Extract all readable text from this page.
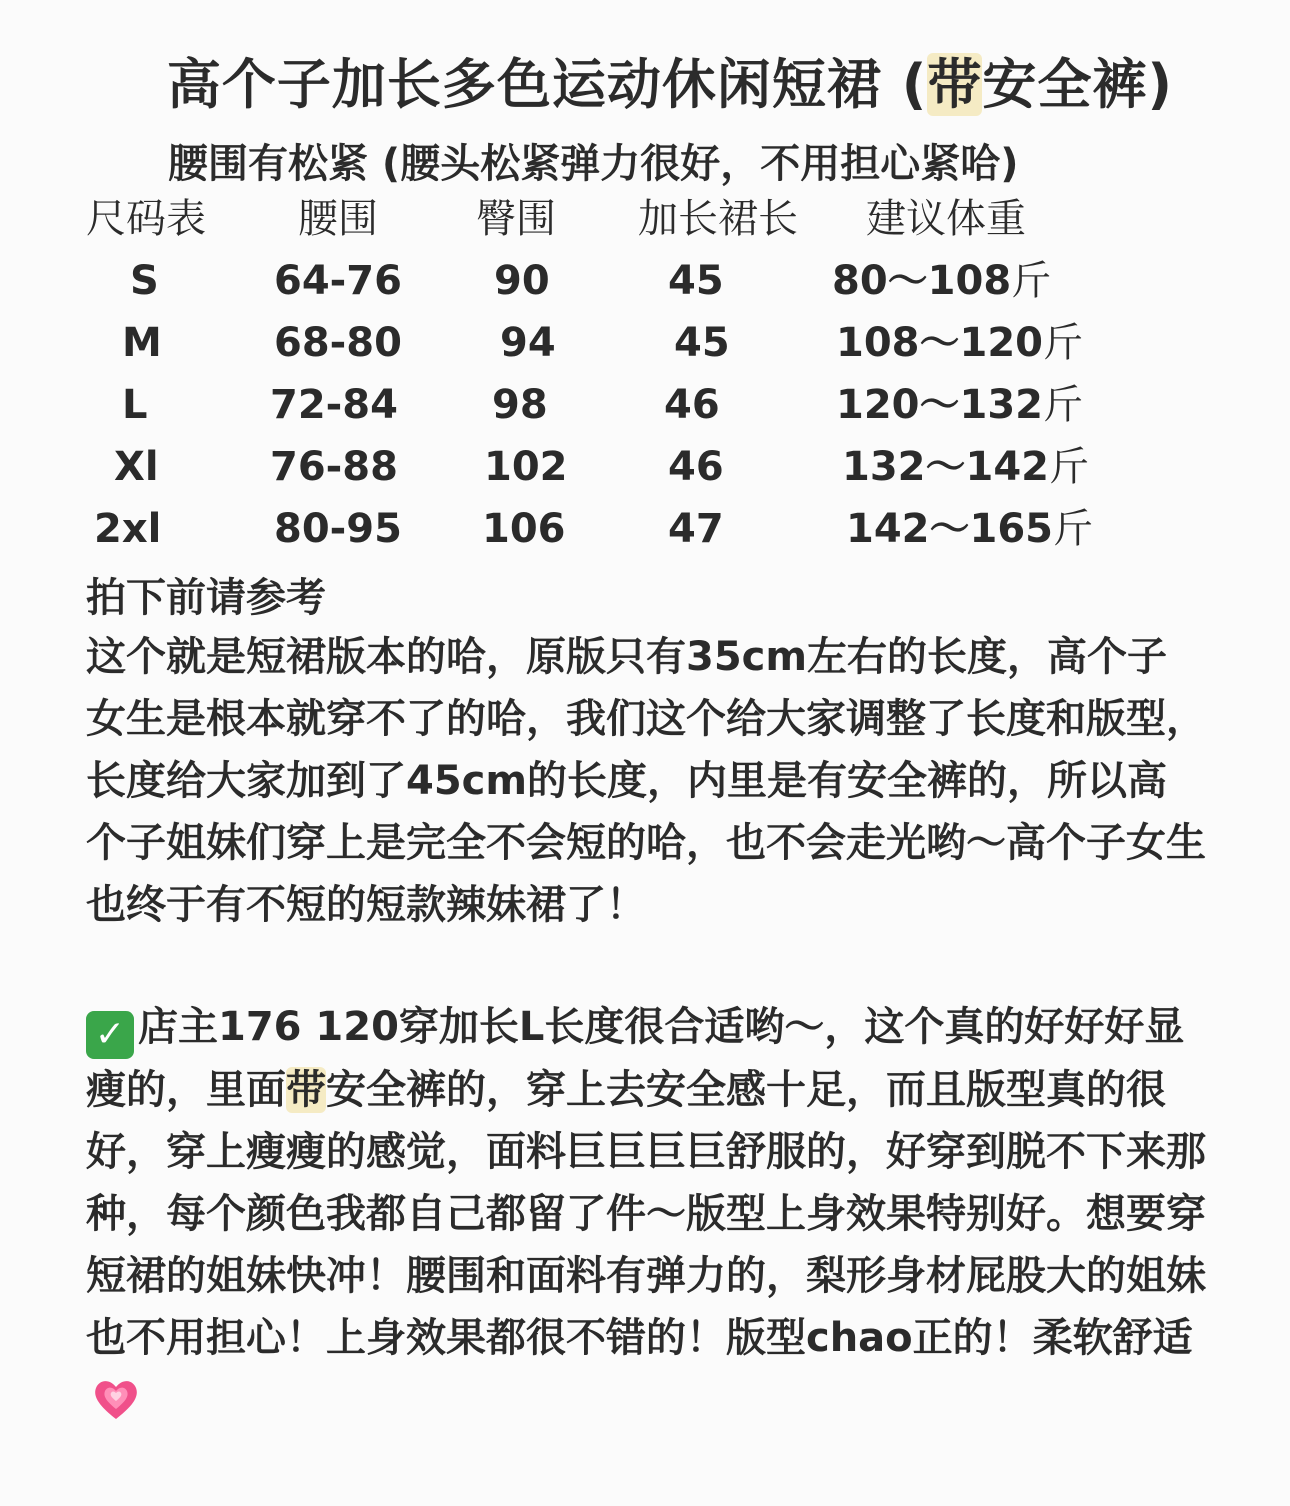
高个子加长多色运动休闲短裙 (带安全裤)
腰围有松紧 (腰头松紧弹力很好，不用担心紧哈)
尺码表 腰围 臀围 加长裙长 建议体重
S	64-76 90	45	80～108斤
M	68-80 94	45	108～120斤
L	72-84 98	46	120～132斤
Xl	76-88 102	46	132～142斤
2xl	80-95 106	47	142～165斤
拍下前请参考
这个就是短裙版本的哈，原版只有35cm左右的长度，高个子女生是根本就穿不了的哈，我们这个给大家调整了长度和版型，长度给大家加到了45cm的长度，内里是有安全裤的，所以高个子姐妹们穿上是完全不会短的哈，也不会走光哟～高个子女生也终于有不短的短款辣妹裙了！
✓ 店主176 120穿加长L长度很合适哟～，这个真的好好好显瘦的，里面带安全裤的，穿上去安全感十足，而且版型真的很好，穿上瘦瘦的感觉，面料巨巨巨巨舒服的，好穿到脱不下来那种，每个颜色我都自己都留了件～版型上身效果特别好。想要穿短裙的姐妹快冲！腰围和面料有弹力的，梨形身材屁股大的姐妹也不用担心！上身效果都很不错的！版型chao正的！柔软舒适
